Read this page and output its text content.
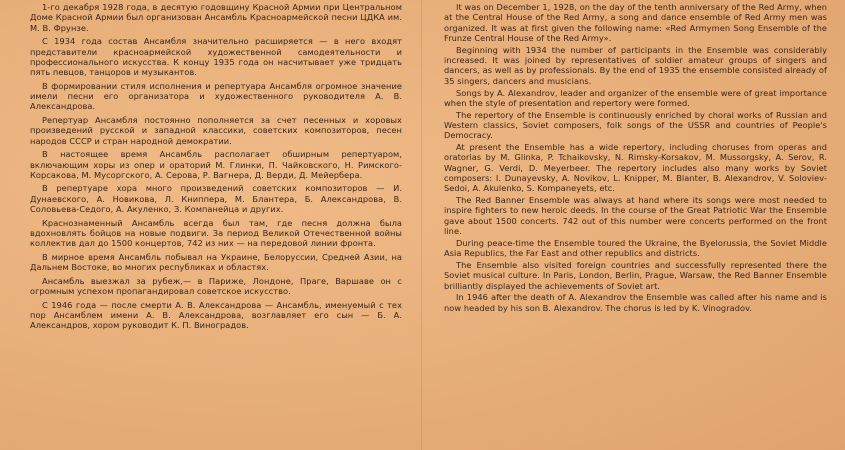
1-го декабря 1928 года, в десятую годовщину Красной Армии при Центральном Доме Красной Армии был организован Ансамбль Красноармейской песни ЦДКА им. М. В. Фрунзе.

С 1934 года состав Ансамбля значительно расширяется — в него входят представители красноармейской художественной самодеятельности и профессионального искусства. К концу 1935 года он насчитывает уже тридцать пять певцов, танцоров и музыкантов.

В формировании стиля исполнения и репертуара Ансамбля огромное значение имели песни его организатора и художественного руководителя А. В. Александрова.

Репертуар Ансамбля постоянно пополняется за счет песенных и хоровых произведений русской и западной классики, советских композиторов, песен народов СССР и стран народной демократии.

В настоящее время Ансамбль располагает обширным репертуаром, включающим хоры из опер и ораторий М. Глинки, П. Чайковского, Н. Римского-Корсакова, М. Мусоргского, А. Серова, Р. Вагнера, Д. Верди, Д. Мейербера.

В репертуаре хора много произведений советских композиторов — И. Дунаевского, А. Новикова, Л. Книппера, М. Блантера, Б. Александрова, В. Соловьева-Седого, А. Акуленко, З. Компанейца и других.

Краснознаменный Ансамбль всегда был там, где песня должна была вдохновлять бойцов на новые подвиги. За период Великой Отечественной войны коллектив дал до 1500 концертов, 742 из них — на передовой линии фронта.

В мирное время Ансамбль побывал на Украине, Белоруссии, Средней Азии, на Дальнем Востоке, во многих республиках и областях.

Ансамбль выезжал за рубеж,— в Париже, Лондоне, Праге, Варшаве он с огромным успехом пропагандировал советское искусство.

С 1946 года — после смерти А. В. Александрова — Ансамбль, именуемый с тех пор Ансамблем имени А. В. Александрова, возглавляет его сын — Б. А. Александров, хором руководит К. П. Виноградов.

It was on December 1, 1928, on the day of the tenth anniversary of the Red Army, when at the Central House of the Red Army, a song and dance ensemble of Red Army men was organized. It was at first given the following name: «Red Armymen Song Ensemble of the Frunze Central House of the Red Army».

Beginning with 1934 the number of participants in the Ensemble was considerably increased. It was joined by representatives of soldier amateur groups of singers and dancers, as well as by professionals. By the end of 1935 the ensemble consisted already of 35 singers, dancers and musicians.

Songs by A. Alexandrov, leader and organizer of the ensemble were of great importance when the style of presentation and repertory were formed.

The repertory of the Ensemble is continuously enriched by choral works of Russian and Western classics, Soviet composers, folk songs of the USSR and countries of People's Democracy.

At present the Ensemble has a wide repertory, including choruses from operas and oratorias by M. Glinka, P. Tchaikovsky, N. Rimsky-Korsakov, M. Mussorgsky, A. Serov, R. Wagner, G. Verdi, D. Meyerbeer. The repertory includes also many works by Soviet composers: I. Dunayevsky, A. Novikov, L. Knipper, M. Blanter, B. Alexandrov, V. Soloviev-Sedoi, A. Akulenko, S. Kompaneyets, etc.

The Red Banner Ensemble was always at hand where its songs were most needed to inspire fighters to new heroic deeds. In the course of the Great Patriotic War the Ensemble gave about 1500 concerts. 742 out of this number were concerts performed on the front line.

During peace-time the Ensemble toured the Ukraine, the Byelorussia, the Soviet Middle Asia Republics, the Far East and other republics and districts.

The Ensemble also visited foreign countries and successfully represented there the Soviet musical culture. In Paris, London, Berlin, Prague, Warsaw, the Red Banner Ensemble brilliantly displayed the achievements of Soviet art.

In 1946 after the death of A. Alexandrov the Ensemble was called after his name and is now headed by his son B. Alexandrov. The chorus is led by K. Vinogradov.
